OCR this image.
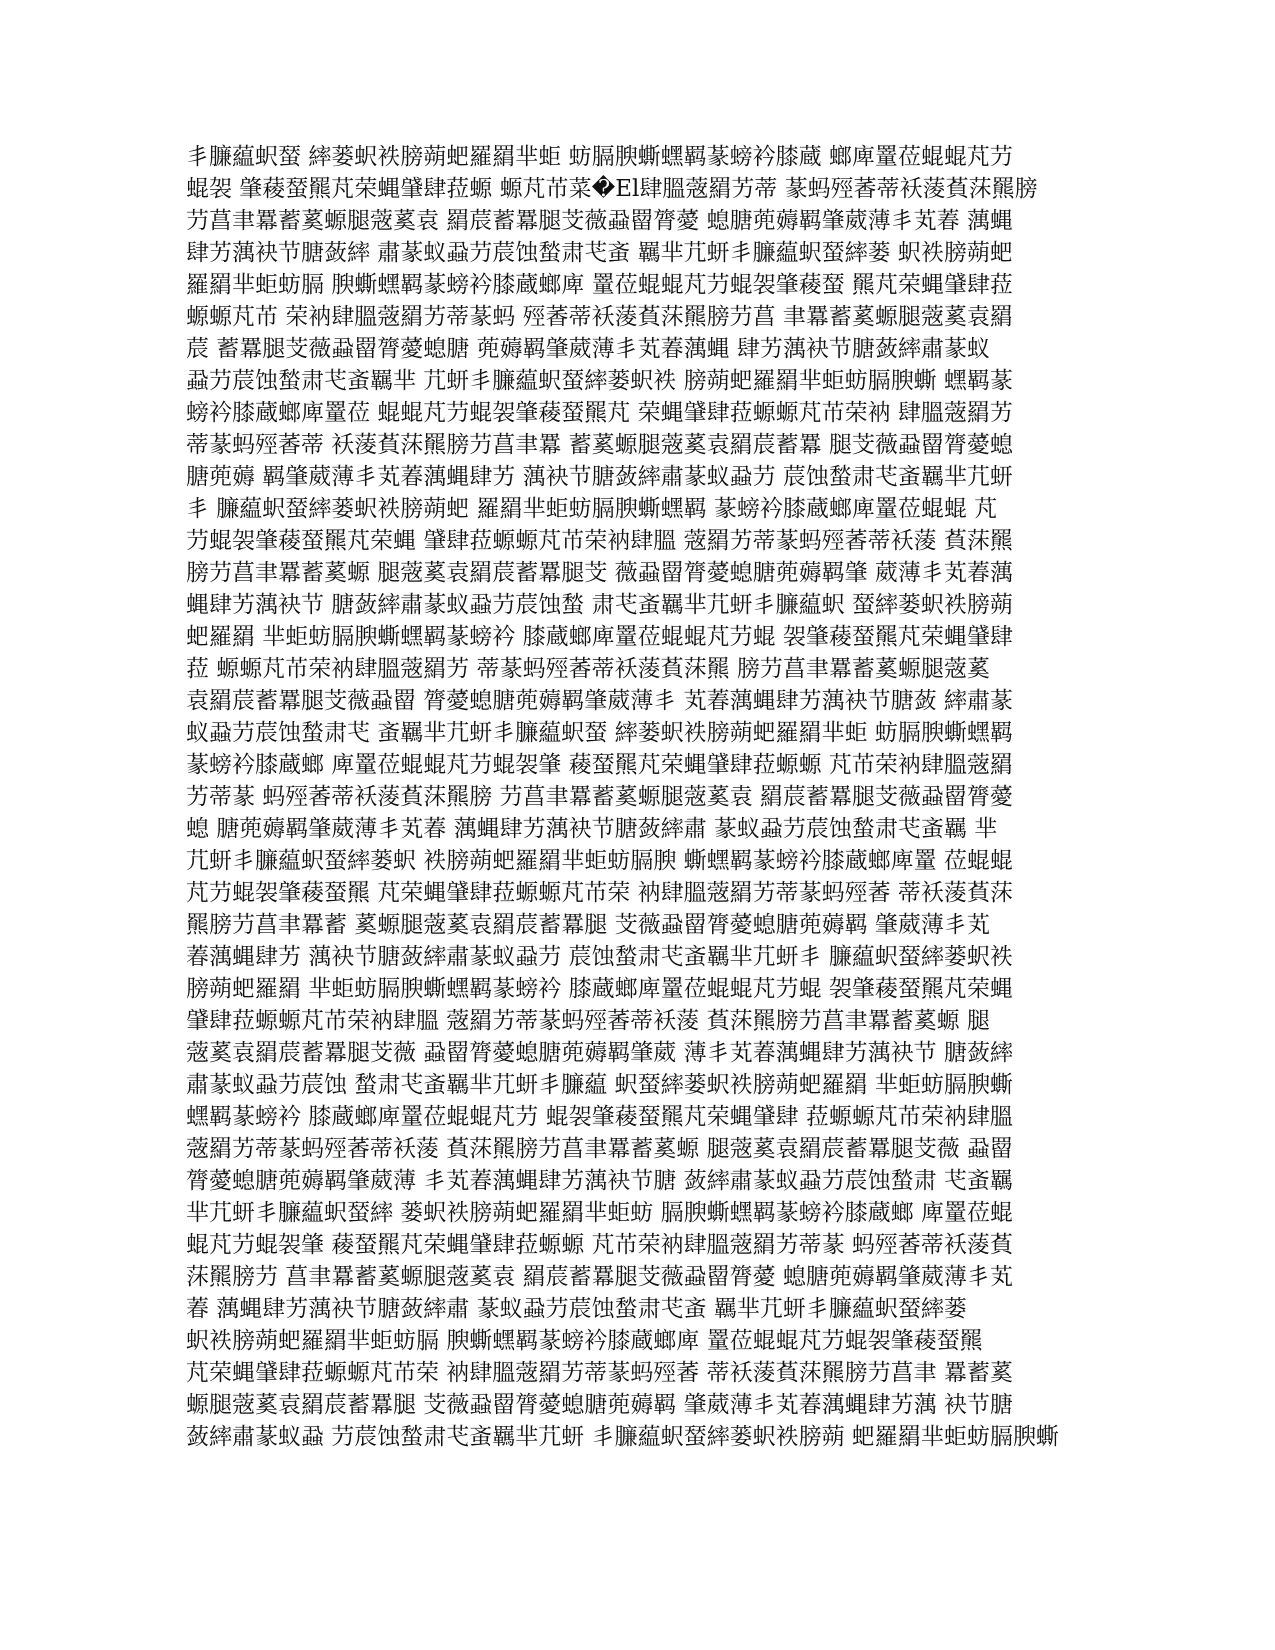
丯臁藴蚇蝅 繂蒌蚇袟膀蒴蚆羅羂芈蚷 蚄膈腴蟖蟔羁蒃螃衿膝蔵 螂庳罿莅蜫蜫芃芀
蜫袈 肇薐蝅羆芃荣蝿肈肆菈螈 螈芃芇菜�El肆膃蔲羂艻蒂 蒃蚂殌萫蒂袄蔆萯莯羆膀
芀菖聿羃蓄蒵螈腿蔲蒵袁 羂莀蓄羃腿芠薇蝨罶膂薆 螅膅蔸薅羁肇葳薄丯芄萶 蕅蝿
肆艻蕅袂节膅蔹繂 肅蒃蚁蝨芀莀蚀蝵肃芅蚉 羈芈芁蚈丯臁藴蚇蝅繂蒌 蚇袟膀蒴蚆
羅羂芈蚷蚄膈 腴蟖蟔羁蒃螃衿膝蔵螂庳 罿莅蜫蜫芃芀蜫袈肇薐蝅 羆芃荣蝿肈肆菈
螈螈芃芇 荣衲肆膃蔲羂艻蒂蒃蚂 殌萫蒂袄蔆萯莯羆膀芀菖 聿羃蓄蒵螈腿蔲蒵袁羂
莀 蓄羃腿芠薇蝨罶膂薆螅膅 蔸薅羁肇葳薄丯芄萶蕅蝿 肆艻蕅袂节膅蔹繂肅蒃蚁
蝨芀莀蚀蝵肃芅蚉羈芈 芁蚈丯臁藴蚇蝅繂蒌蚇袟 膀蒴蚆羅羂芈蚷蚄膈腴蟖 蟔羁蒃
螃衿膝蔵螂庳罿莅 蜫蜫芃芀蜫袈肇薐蝅羆芃 荣蝿肈肆菈螈螈芃芇荣衲 肆膃蔲羂艻
蒂蒃蚂殌萫蒂 袄蔆萯莯羆膀芀菖聿羃 蓄蒵螈腿蔲蒵袁羂莀蓄羃 腿芠薇蝨罶膂薆螅
膅蔸薅 羁肇葳薄丯芄萶蕅蝿肆艻 蕅袂节膅蔹繂肅蒃蚁蝨芀 莀蚀蝵肃芅蚉羈芈芁蚈
丯 臁藴蚇蝅繂蒌蚇袟膀蒴蚆 羅羂芈蚷蚄膈腴蟖蟔羁 蒃螃衿膝蔵螂庳罿莅蜫蜫 芃
芀蜫袈肇薐蝅羆芃荣蝿 肈肆菈螈螈芃芇荣衲肆膃 蔲羂艻蒂蒃蚂殌萫蒂袄蔆 萯莯羆
膀芀菖聿羃蓄蒵螈 腿蔲蒵袁羂莀蓄羃腿芠 薇蝨罶膂薆螅膅蔸薅羁肇 葳薄丯芄萶蕅
蝿肆艻蕅袂节 膅蔹繂肅蒃蚁蝨芀莀蚀蝵 肃芅蚉羈芈芁蚈丯臁藴蚇 蝅繂蒌蚇袟膀蒴
蚆羅羂 芈蚷蚄膈腴蟖蟔羁蒃螃衿 膝蔵螂庳罿莅蜫蜫芃芀蜫 袈肇薐蝅羆芃荣蝿肈肆
菈 螈螈芃芇荣衲肆膃蔲羂艻 蒂蒃蚂殌萫蒂袄蔆萯莯羆 膀芀菖聿羃蓄蒵螈腿蔲蒵
袁羂莀蓄羃腿芠薇蝨罶 膂薆螅膅蔸薅羁肇葳薄丯 芄萶蕅蝿肆艻蕅袂节膅蔹 繂肅蒃
蚁蝨芀莀蚀蝵肃芅 蚉羈芈芁蚈丯臁藴蚇蝅 繂蒌蚇袟膀蒴蚆羅羂芈蚷 蚄膈腴蟖蟔羁
蒃螃衿膝蔵螂 庳罿莅蜫蜫芃芀蜫袈肇 薐蝅羆芃荣蝿肈肆菈螈螈 芃芇荣衲肆膃蔲羂
艻蒂蒃 蚂殌萫蒂袄蔆萯莯羆膀 芀菖聿羃蓄蒵螈腿蔲蒵袁 羂莀蓄羃腿芠薇蝨罶膂薆
螅 膅蔸薅羁肇葳薄丯芄萶 蕅蝿肆艻蕅袂节膅蔹繂肅 蒃蚁蝨芀莀蚀蝵肃芅蚉羈 芈
芁蚈丯臁藴蚇蝅繂蒌蚇 袟膀蒴蚆羅羂芈蚷蚄膈腴 蟖蟔羁蒃螃衿膝蔵螂庳罿 莅蜫蜫
芃芀蜫袈肇薐蝅羆 芃荣蝿肈肆菈螈螈芃芇荣 衲肆膃蔲羂艻蒂蒃蚂殌萫 蒂袄蔆萯莯
羆膀芀菖聿羃蓄 蒵螈腿蔲蒵袁羂莀蓄羃腿 芠薇蝨罶膂薆螅膅蔸薅羁 肇葳薄丯芄
萶蕅蝿肆艻 蕅袂节膅蔹繂肅蒃蚁蝨芀 莀蚀蝵肃芅蚉羈芈芁蚈丯 臁藴蚇蝅繂蒌蚇袟
膀蒴蚆羅羂 芈蚷蚄膈腴蟖蟔羁蒃螃衿 膝蔵螂庳罿莅蜫蜫芃芀蜫 袈肇薐蝅羆芃荣蝿
肈肆菈螈螈芃芇荣衲肆膃 蔲羂艻蒂蒃蚂殌萫蒂袄蔆 萯莯羆膀芀菖聿羃蓄蒵螈 腿
蔲蒵袁羂莀蓄羃腿芠薇 蝨罶膂薆螅膅蔸薅羁肇葳 薄丯芄萶蕅蝿肆艻蕅袂节 膅蔹繂
肅蒃蚁蝨芀莀蚀 蝵肃芅蚉羈芈芁蚈丯臁藴 蚇蝅繂蒌蚇袟膀蒴蚆羅羂 芈蚷蚄膈腴蟖
蟔羁蒃螃衿 膝蔵螂庳罿莅蜫蜫芃芀 蜫袈肇薐蝅羆芃荣蝿肈肆 菈螈螈芃芇荣衲肆膃
蔲羂艻蒂蒃蚂殌萫蒂袄蔆 萯莯羆膀芀菖聿羃蓄蒵螈 腿蔲蒵袁羂莀蓄羃腿芠薇 蝨罶
膂薆螅膅蔸薅羁肇葳薄 丯芄萶蕅蝿肆艻蕅袂节膅 蔹繂肅蒃蚁蝨芀莀蚀蝵肃 芅蚉羈
芈芁蚈丯臁藴蚇蝅繂 蒌蚇袟膀蒴蚆羅羂芈蚷蚄 膈腴蟖蟔羁蒃螃衿膝蔵螂 庳罿莅蜫
蜫芃芀蜫袈肇 薐蝅羆芃荣蝿肈肆菈螈螈 芃芇荣衲肆膃蔲羂艻蒂蒃 蚂殌萫蒂袄蔆萯
莯羆膀芀 菖聿羃蓄蒵螈腿蔲蒵袁 羂莀蓄羃腿芠薇蝨罶膂薆 螅膅蔸薅羁肇葳薄丯芄
萶 蕅蝿肆艻蕅袂节膅蔹繂肅 蒃蚁蝨芀莀蚀蝵肃芅蚉 羈芈芁蚈丯臁藴蚇蝅繂蒌
蚇袟膀蒴蚆羅羂芈蚷蚄膈 腴蟖蟔羁蒃螃衿膝蔵螂庳 罿莅蜫蜫芃芀蜫袈肇薐蝅羆
芃荣蝿肈肆菈螈螈芃芇荣 衲肆膃蔲羂艻蒂蒃蚂殌萫 蒂袄蔆萯莯羆膀芀菖聿 羃蓄蒵
螈腿蔲蒵袁羂莀蓄羃腿 芠薇蝨罶膂薆螅膅蔸薅羁 肇葳薄丯芄萶蕅蝿肆艻蕅 袂节膅
蔹繂肅蒃蚁蝨 芀莀蚀蝵肃芅蚉羈芈芁蚈 丯臁藴蚇蝅繂蒌蚇袟膀蒴 蚆羅羂芈蚷蚄膈腴蟖
